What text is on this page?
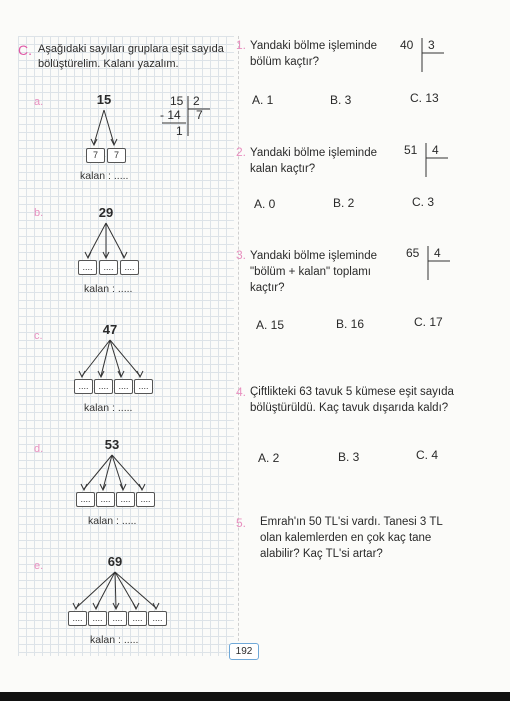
C. Aşağıdaki sayıları gruplara eşit sayıda bölüştürelim. Kalanı yazalım.
a.	15
7	7
kalan : .....
15 2
- 14 7
1
b.	29
....	....	....
kalan : .....
c.	47
....	....	....	....
kalan : .....
d.	53
....	....	....	....
kalan : .....
e.	69
....	....	....	....	....
kalan : .....
1. Yandaki bölme işleminde bölüm kaçtır?
40 3
A. 1	B. 3	C. 13
2. Yandaki bölme işleminde kalan kaçtır?
51 4
A. 0	B. 2	C. 3
3. Yandaki bölme işleminde "bölüm + kalan" toplamı kaçtır?
65 4
A. 15	B. 16	C. 17
4. Çiftlikteki 63 tavuk 5 kümese eşit sayıda bölüştürüldü. Kaç tavuk dışarıda kaldı?
A. 2	B. 3	C. 4
5. Emrah'ın 50 TL'si vardı. Tanesi 3 TL olan kalemlerden en çok kaç tane alabilir? Kaç TL'si artar?
192
